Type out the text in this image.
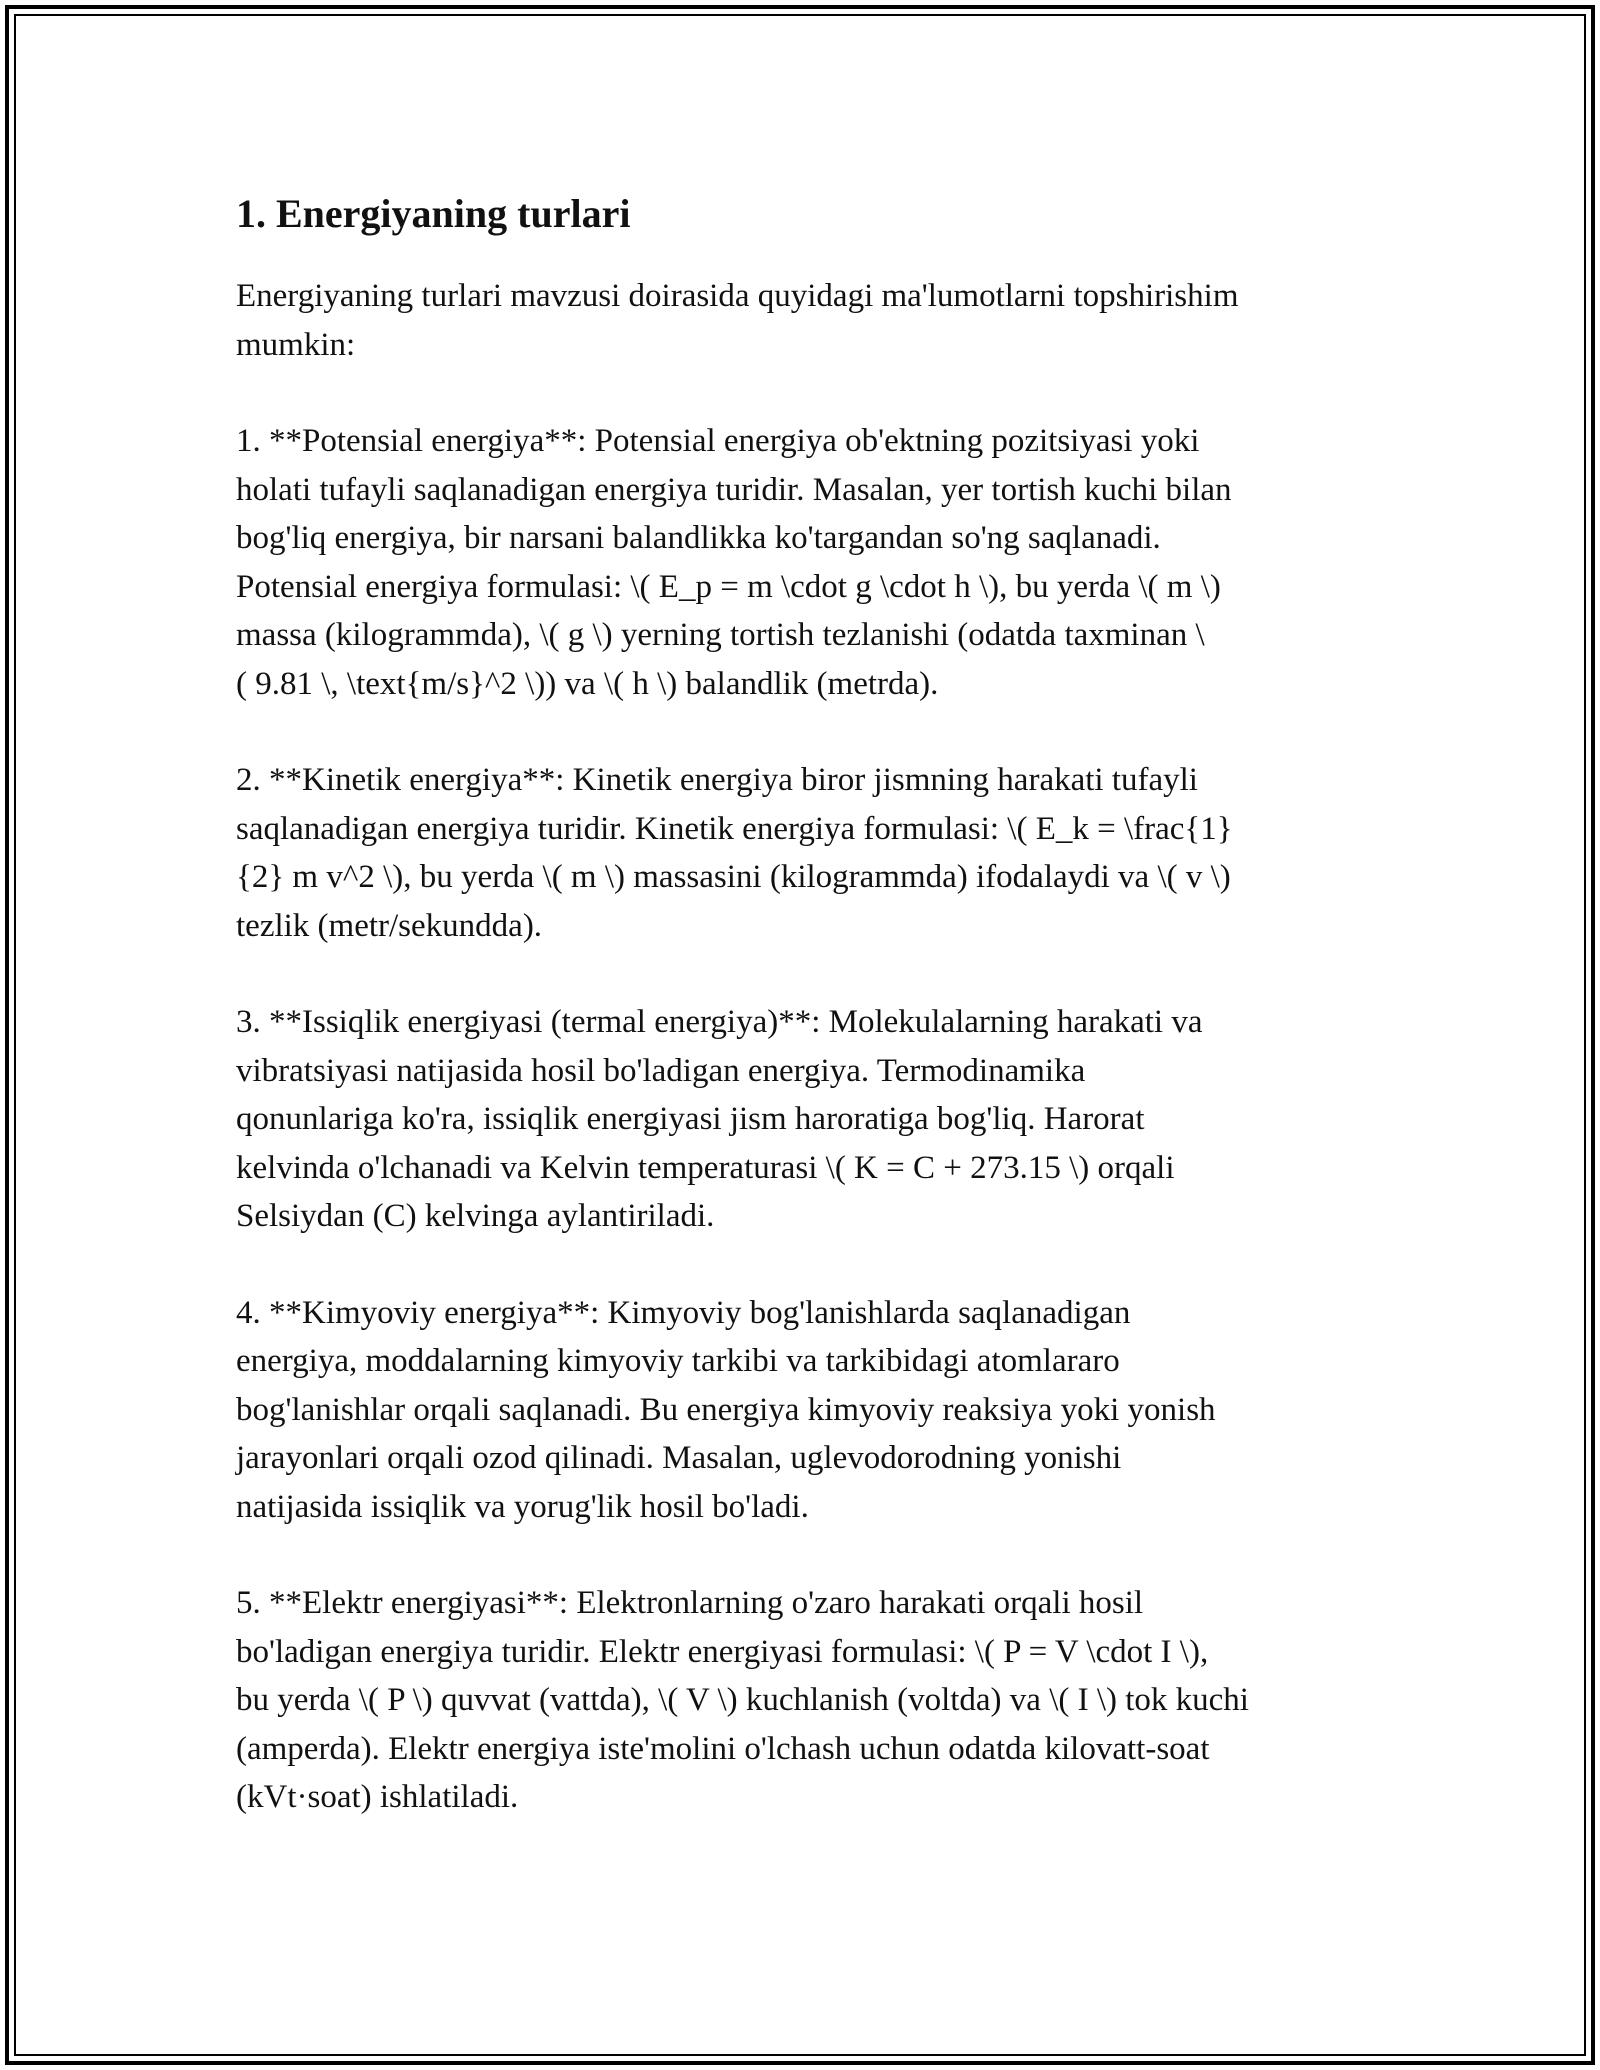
1. Energiyaning turlari

Energiyaning turlari mavzusi doirasida quyidagi ma'lumotlarni topshirishim
mumkin:

1. **Potensial energiya**: Potensial energiya ob'ektning pozitsiyasi yoki
holati tufayli saqlanadigan energiya turidir. Masalan, yer tortish kuchi bilan
bog'liq energiya, bir narsani balandlikka ko'targandan so'ng saqlanadi.
Potensial energiya formulasi: \( E_p = m \cdot g \cdot h \), bu yerda \( m \)
massa (kilogrammda), \( g \) yerning tortish tezlanishi (odatda taxminan \
( 9.81 \, \text{m/s}^2 \)) va \( h \) balandlik (metrda).

2. **Kinetik energiya**: Kinetik energiya biror jismning harakati tufayli
saqlanadigan energiya turidir. Kinetik energiya formulasi: \( E_k = \frac{1}
{2} m v^2 \), bu yerda \( m \) massasini (kilogrammda) ifodalaydi va \( v \)
tezlik (metr/sekundda).

3. **Issiqlik energiyasi (termal energiya)**: Molekulalarning harakati va
vibratsiyasi natijasida hosil bo'ladigan energiya. Termodinamika
qonunlariga ko'ra, issiqlik energiyasi jism haroratiga bog'liq. Harorat
kelvinda o'lchanadi va Kelvin temperaturasi \( K = C + 273.15 \) orqali
Selsiydan (C) kelvinga aylantiriladi.

4. **Kimyoviy energiya**: Kimyoviy bog'lanishlarda saqlanadigan
energiya, moddalarning kimyoviy tarkibi va tarkibidagi atomlararo
bog'lanishlar orqali saqlanadi. Bu energiya kimyoviy reaksiya yoki yonish
jarayonlari orqali ozod qilinadi. Masalan, uglevodorodning yonishi
natijasida issiqlik va yorug'lik hosil bo'ladi.

5. **Elektr energiyasi**: Elektronlarning o'zaro harakati orqali hosil
bo'ladigan energiya turidir. Elektr energiyasi formulasi: \( P = V \cdot I \),
bu yerda \( P \) quvvat (vattda), \( V \) kuchlanish (voltda) va \( I \) tok kuchi
(amperda). Elektr energiya iste'molini o'lchash uchun odatda kilovatt-soat
(kVt·soat) ishlatiladi.
